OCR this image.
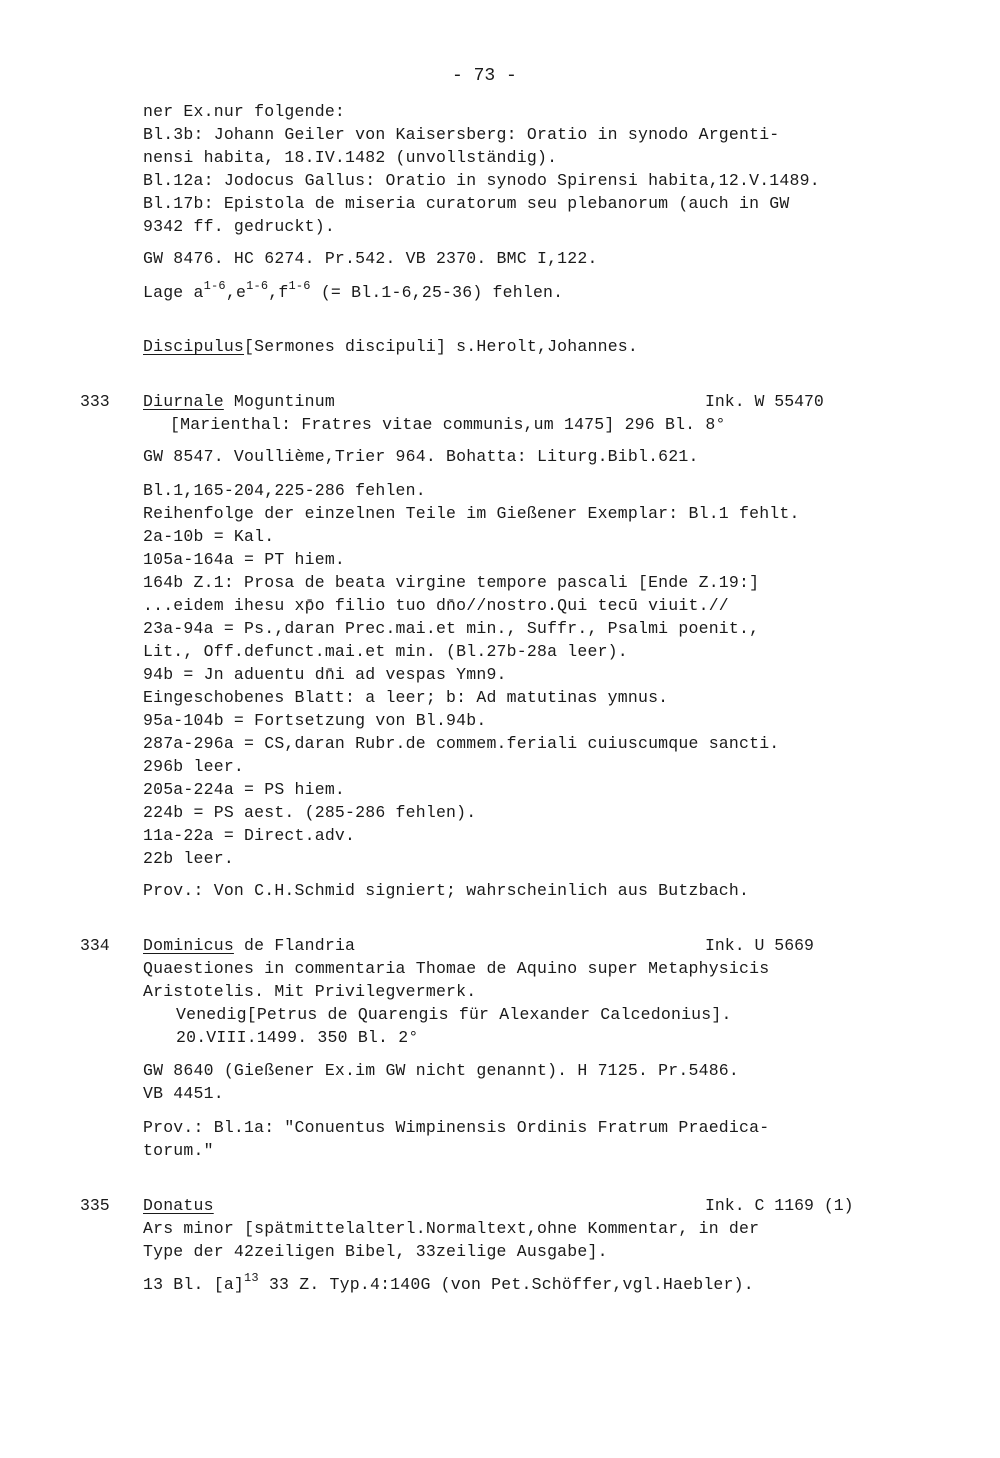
- 73 -
ner Ex.nur folgende:
Bl.3b: Johann Geiler von Kaisersberg: Oratio in synodo Argenti-
nensi habita, 18.IV.1482 (unvollständig).
Bl.12a: Jodocus Gallus: Oratio in synodo Spirensi habita,12.V.1489.
Bl.17b: Epistola de miseria curatorum seu plebanorum (auch in GW
9342 ff. gedruckt).
GW 8476. HC 6274. Pr.542. VB 2370. BMC I,122.
Lage $a^{1-6},e^{1-6},f^{1-6}$ (= Bl.1-6,25-36) fehlen.
Discipulus[Sermones discipuli] s.Herolt,Johannes.
333 Diurnale Moguntinum	Ink. W 55470
[Marienthal: Fratres vitae communis,um 1475] 296 Bl. 8°
GW 8547. Voullième,Trier 964. Bohatta: Liturg.Bibl.621.
Bl.1,165-204,225-286 fehlen.
Reihenfolge der einzelnen Teile im Gießener Exemplar: Bl.1 fehlt.
2a-10b = Kal.
105a-164a = PT hiem.
164b Z.1: Prosa de beata virgine tempore pascali [Ende Z.19:]
...eidem ihesu xp̄o filio tuo dn̄o//nostro.Qui tecū viuit.//
23a-94a = Ps.,daran Prec.mai.et min., Suffr., Psalmi poenit.,
Lit., Off.defunct.mai.et min. (Bl.27b-28a leer).
94b = Jn aduentu dn̄i ad vespas Ymn9.
Eingeschobenes Blatt: a leer; b: Ad matutinas ymnus.
95a-104b = Fortsetzung von Bl.94b.
287a-296a = CS,daran Rubr.de commem.feriali cuiuscumque sancti.
296b leer.
205a-224a = PS hiem.
224b = PS aest. (285-286 fehlen).
11a-22a = Direct.adv.
22b leer.
Prov.: Von C.H.Schmid signiert; wahrscheinlich aus Butzbach.
334 Dominicus de Flandria	Ink. U 5669
Quaestiones in commentaria Thomae de Aquino super Metaphysicis
Aristotelis. Mit Privilegvermerk.
Venedig[Petrus de Quarengis für Alexander Calcedonius].
20.VIII.1499. 350 Bl. 2°
GW 8640 (Gießener Ex.im GW nicht genannt). H 7125. Pr.5486.
VB 4451.
Prov.: Bl.1a: "Conuentus Wimpinensis Ordinis Fratrum Praedica-
torum."
335 Donatus	Ink. C 1169 (1)
Ars minor [spätmittelalterl.Normaltext,ohne Kommentar, in der
Type der 42zeiligen Bibel, 33zeilige Ausgabe].
13 Bl. $[a]^{13}$ 33 Z. Typ.4:140G (von Pet.Schöffer,vgl.Haebler).
